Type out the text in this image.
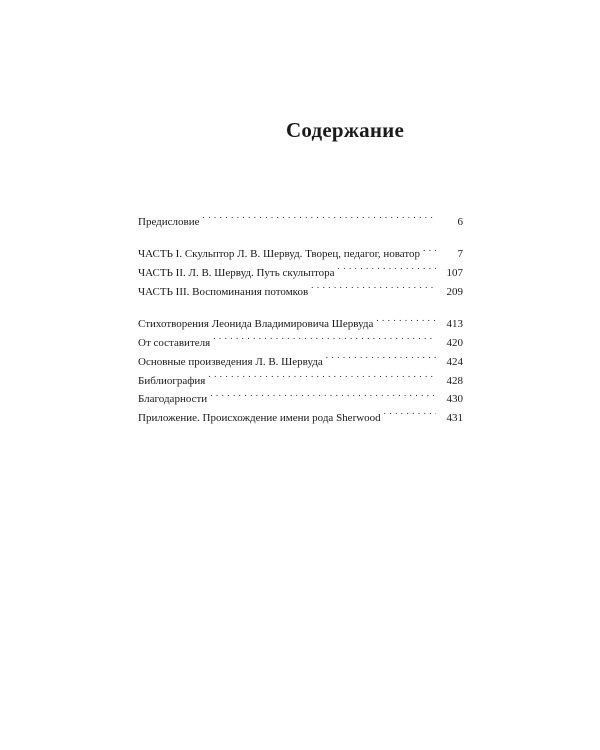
Содержание
Предисловие . . .	6
ЧАСТЬ I. Скульптор Л. В. Шервуд. Творец, педагог, новатор . . .	7
ЧАСТЬ II. Л. В. Шервуд. Путь скульптора . . .	107
ЧАСТЬ III. Воспоминания потомков . . .	209
Стихотворения Леонида Владимировича Шервуда . . .	413
От составителя . . .	420
Основные произведения Л. В. Шервуда . . .	424
Библиография . . .	428
Благодарности . . .	430
Приложение. Происхождение имени рода Sherwood . . .	431
